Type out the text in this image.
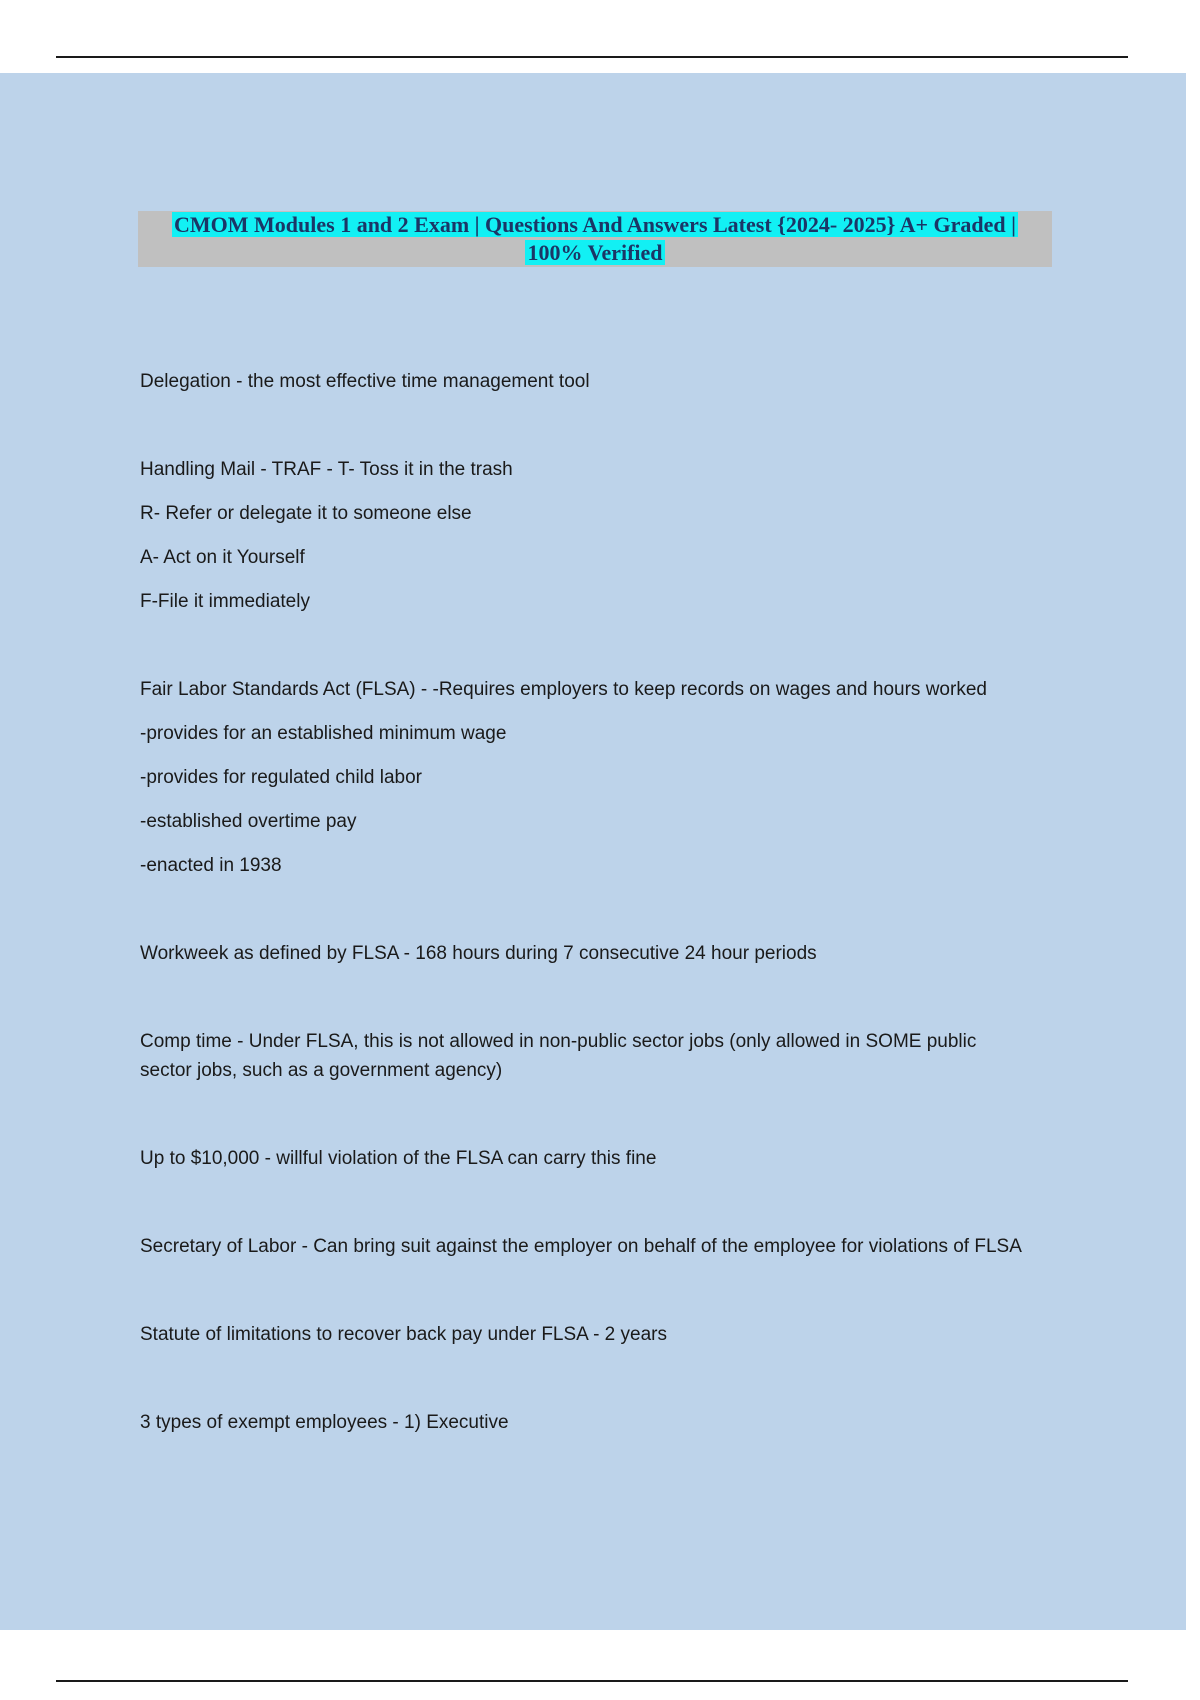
CMOM Modules 1 and 2 Exam | Questions And Answers Latest {2024- 2025} A+ Graded |
100% Verified

Delegation - the most effective time management tool

Handling Mail - TRAF - T- Toss it in the trash

R- Refer or delegate it to someone else

A- Act on it Yourself

F-File it immediately

Fair Labor Standards Act (FLSA) - -Requires employers to keep records on wages and hours worked

-provides for an established minimum wage

-provides for regulated child labor

-established overtime pay

-enacted in 1938

Workweek as defined by FLSA - 168 hours during 7 consecutive 24 hour periods

Comp time - Under FLSA, this is not allowed in non-public sector jobs (only allowed in SOME public sector jobs, such as a government agency)

Up to $10,000 - willful violation of the FLSA can carry this fine

Secretary of Labor - Can bring suit against the employer on behalf of the employee for violations of FLSA

Statute of limitations to recover back pay under FLSA - 2 years

3 types of exempt employees - 1) Executive
